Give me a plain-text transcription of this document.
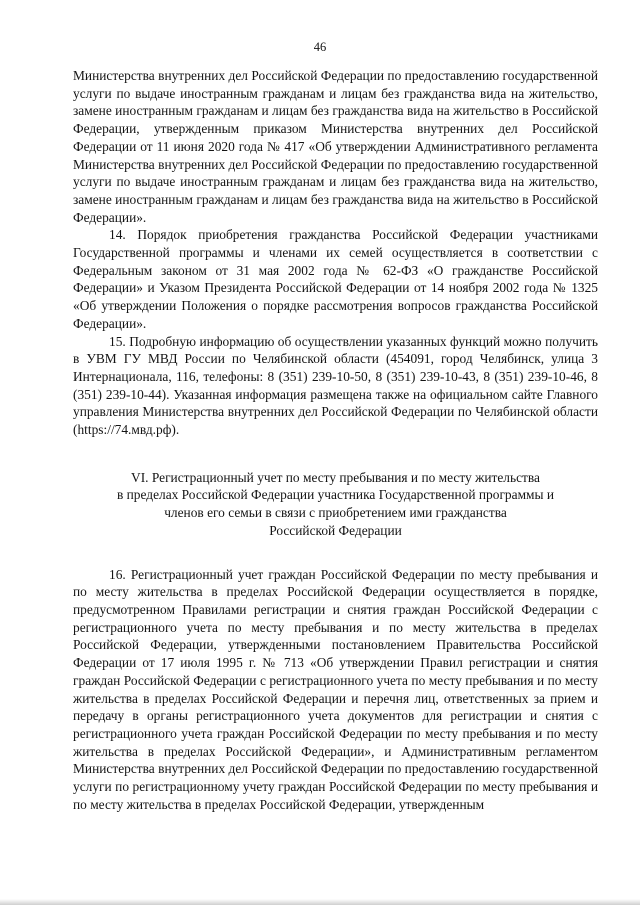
46

Министерства внутренних дел Российской Федерации по предоставлению государственной услуги по выдаче иностранным гражданам и лицам без гражданства вида на жительство, замене иностранным гражданам и лицам без гражданства вида на жительство в Российской Федерации, утвержденным приказом Министерства внутренних дел Российской Федерации от 11 июня 2020 года № 417 «Об утверждении Административного регламента Министерства внутренних дел Российской Федерации по предоставлению государственной услуги по выдаче иностранным гражданам и лицам без гражданства вида на жительство, замене иностранным гражданам и лицам без гражданства вида на жительство в Российской Федерации».

14. Порядок приобретения гражданства Российской Федерации участниками Государственной программы и членами их семей осуществляется в соответствии с Федеральным законом от 31 мая 2002 года № 62-ФЗ «О гражданстве Российской Федерации» и Указом Президента Российской Федерации от 14 ноября 2002 года № 1325 «Об утверждении Положения о порядке рассмотрения вопросов гражданства Российской Федерации».

15. Подробную информацию об осуществлении указанных функций можно получить в УВМ ГУ МВД России по Челябинской области (454091, город Челябинск, улица 3 Интернационала, 116, телефоны: 8 (351) 239-10-50, 8 (351) 239-10-43, 8 (351) 239-10-46, 8 (351) 239-10-44). Указанная информация размещена также на официальном сайте Главного управления Министерства внутренних дел Российской Федерации по Челябинской области (https://74.мвд.рф).

VI. Регистрационный учет по месту пребывания и по месту жительства
в пределах Российской Федерации участника Государственной программы и
членов его семьи в связи с приобретением ими гражданства
Российской Федерации

16. Регистрационный учет граждан Российской Федерации по месту пребывания и по месту жительства в пределах Российской Федерации осуществляется в порядке, предусмотренном Правилами регистрации и снятия граждан Российской Федерации с регистрационного учета по месту пребывания и по месту жительства в пределах Российской Федерации, утвержденными постановлением Правительства Российской Федерации от 17 июля 1995 г. № 713 «Об утверждении Правил регистрации и снятия граждан Российской Федерации с регистрационного учета по месту пребывания и по месту жительства в пределах Российской Федерации и перечня лиц, ответственных за прием и передачу в органы регистрационного учета документов для регистрации и снятия с регистрационного учета граждан Российской Федерации по месту пребывания и по месту жительства в пределах Российской Федерации», и Административным регламентом Министерства внутренних дел Российской Федерации по предоставлению государственной услуги по регистрационному учету граждан Российской Федерации по месту пребывания и по месту жительства в пределах Российской Федерации, утвержденным
